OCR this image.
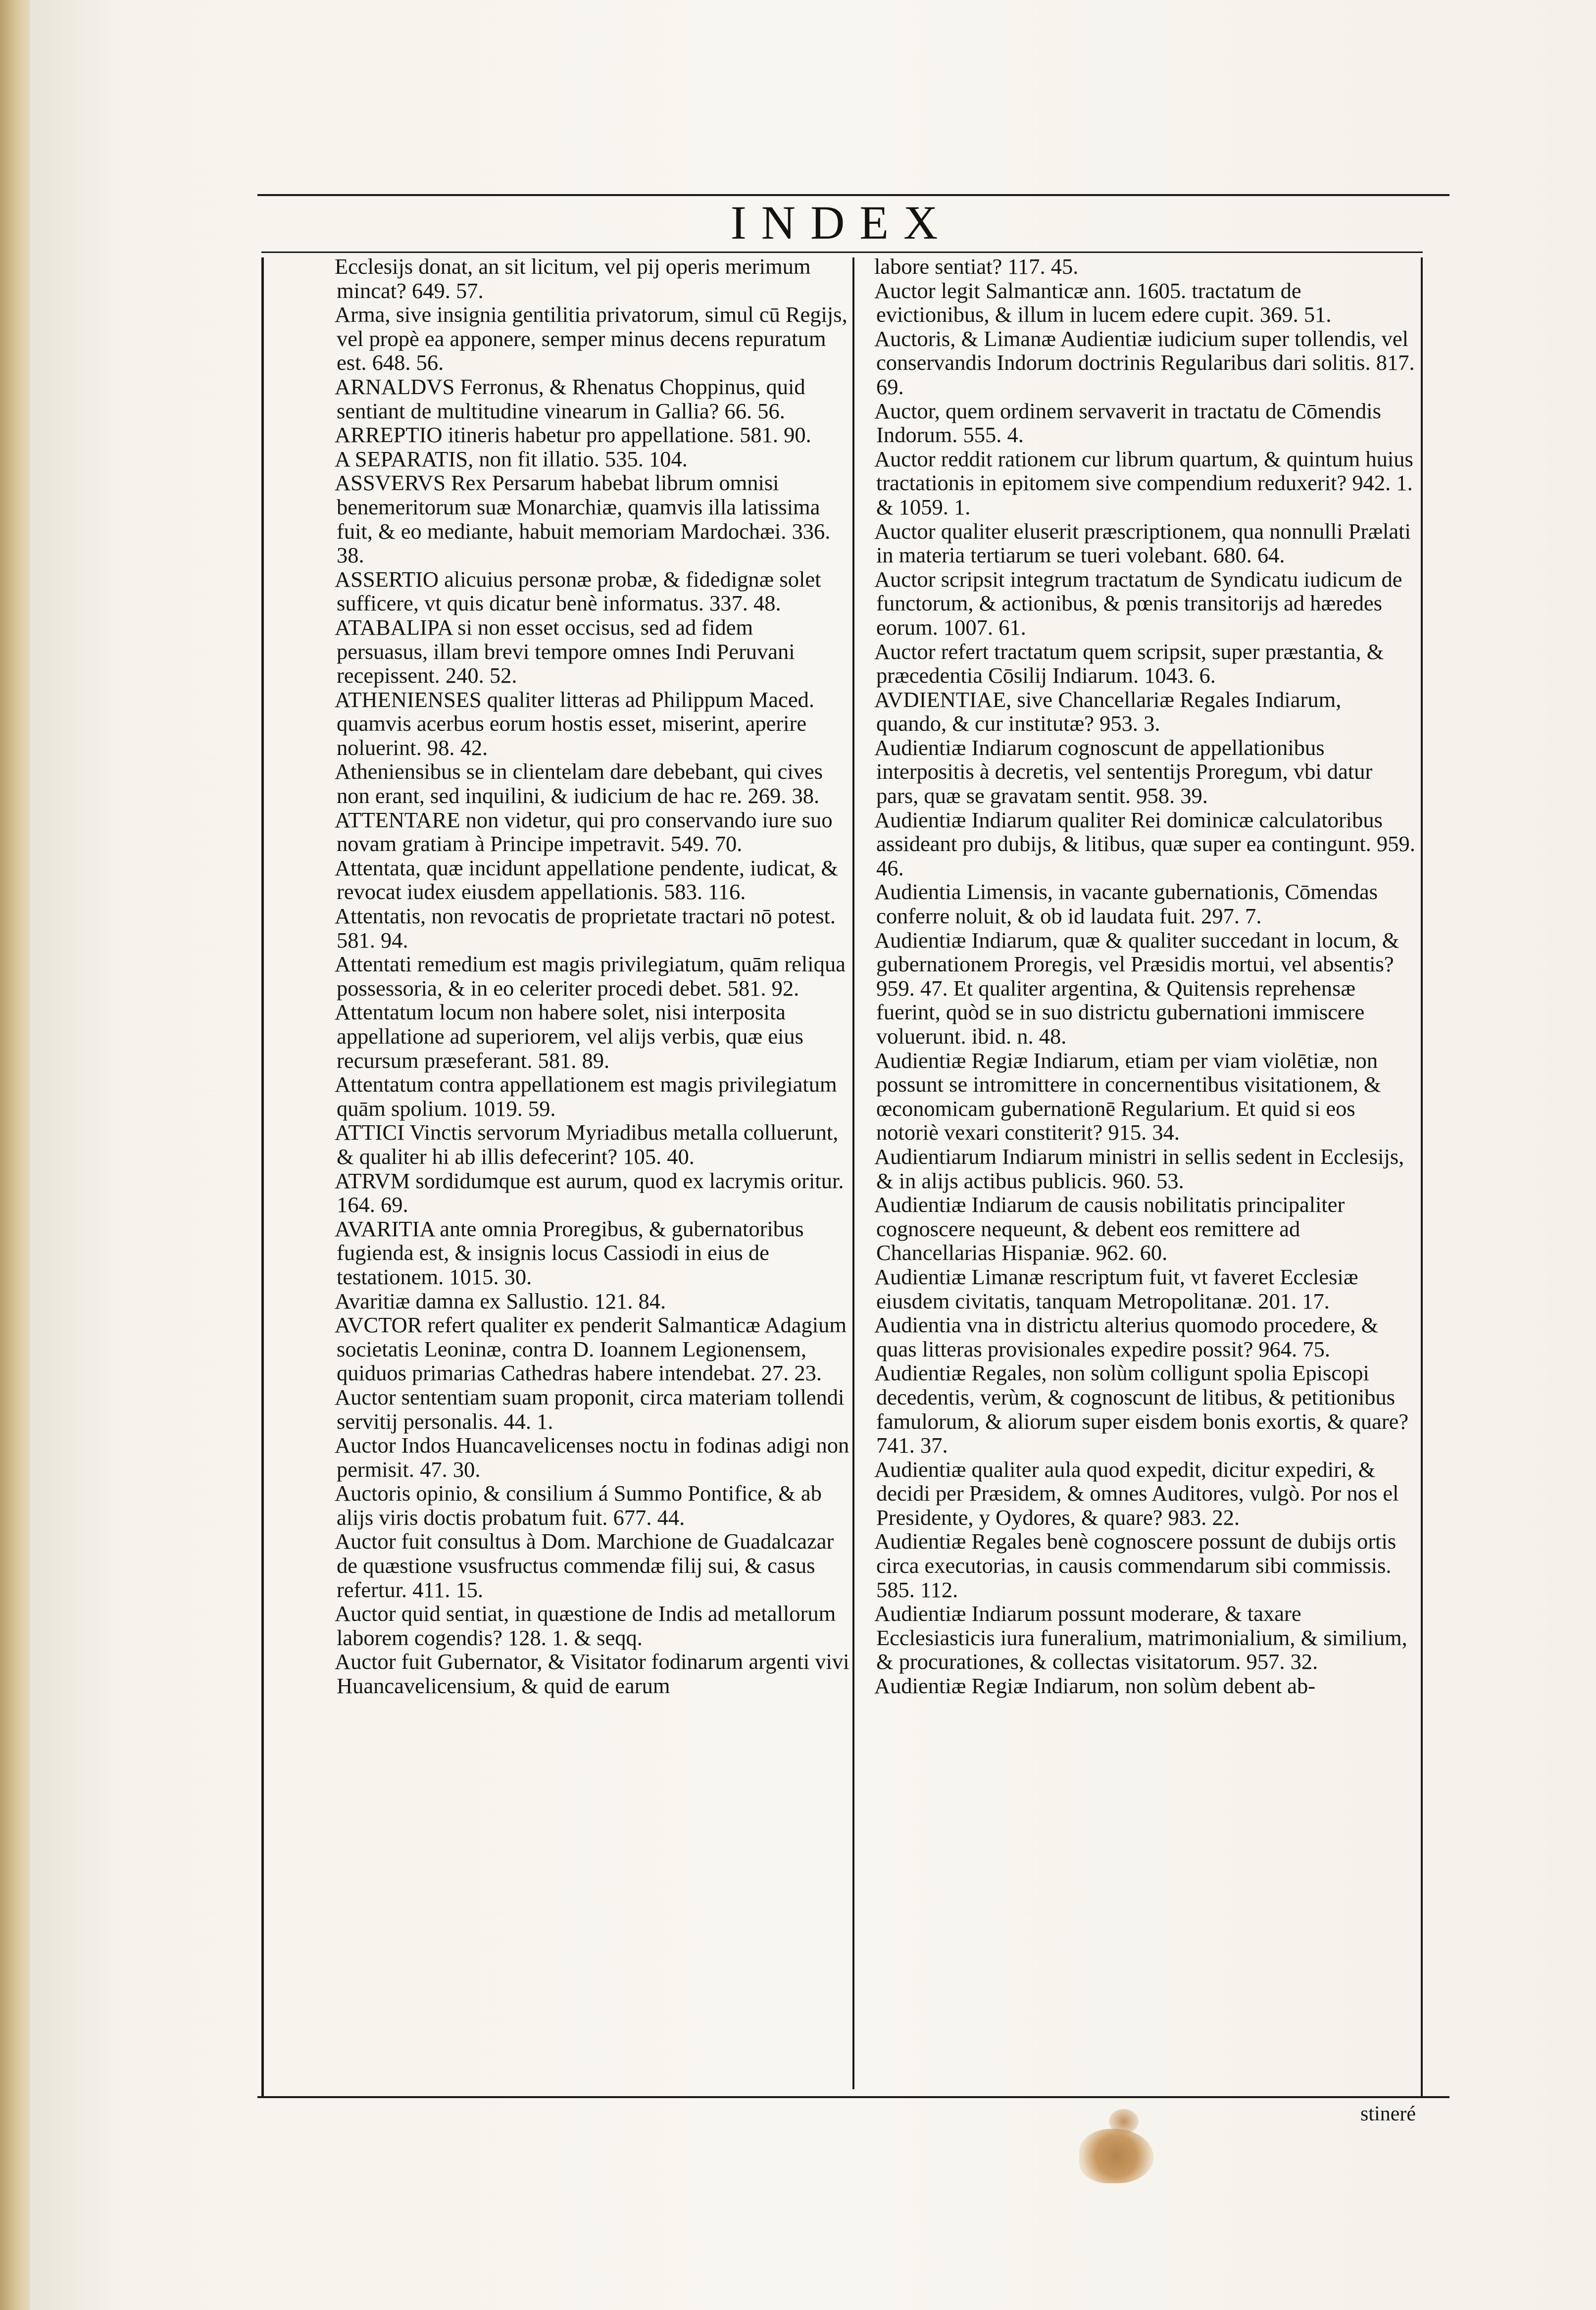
INDEX
Ecclesijs donat, an sit licitum, vel pij operis merimum mincat? 649. 57.
Arma, sive insignia gentilitia privatorum, simul cū Regijs, vel propè ea apponere, semper minus decens repuratum est. 648. 56.
ARNALDVS Ferronus, & Rhenatus Choppinus, quid sentiant de multitudine vinearum in Gallia? 66. 56.
ARREPTIO itineris habetur pro appellatione. 581. 90.
A SEPARATIS, non fit illatio. 535. 104.
ASSVERVS Rex Persarum habebat librum omnisi benemeritorum suæ Monarchiæ, quamvis illa latissima fuit, & eo mediante, habuit memoriam Mardochæi. 336. 38.
ASSERTIO alicuius personæ probæ, & fidedignæ solet sufficere, vt quis dicatur benè informatus. 337. 48.
ATABALIPA si non esset occisus, sed ad fidem persuasus, illam brevi tempore omnes Indi Peruvani recepissent. 240. 52.
ATHENIENSES qualiter litteras ad Philippum Maced. quamvis acerbus eorum hostis esset, miserint, aperire noluerint. 98. 42.
Atheniensibus se in clientelam dare debebant, qui cives non erant, sed inquilini, & iudicium de hac re. 269. 38.
ATTENTARE non videtur, qui pro conservando iure suo novam gratiam à Principe impetravit. 549. 70.
Attentata, quæ incidunt appellatione pendente, iudicat, & revocat iudex eiusdem appellationis. 583. 116.
Attentatis, non revocatis de proprietate tractari nō potest. 581. 94.
Attentati remedium est magis privilegiatum, quām reliqua possessoria, & in eo celeriter procedi debet. 581. 92.
Attentatum locum non habere solet, nisi interposita appellatione ad superiorem, vel alijs verbis, quæ eius recursum præseferant. 581. 89.
Attentatum contra appellationem est magis privilegiatum quām spolium. 1019. 59.
ATTICI Vinctis servorum Myriadibus metalla colluerunt, & qualiter hi ab illis defecerint? 105. 40.
ATRVM sordidumque est aurum, quod ex lacrymis oritur. 164. 69.
AVARITIA ante omnia Proregibus, & gubernatoribus fugienda est, & insignis locus Cassiodi in eius de testationem. 1015. 30.
Avaritiæ damna ex Sallustio. 121. 84.
AVCTOR refert qualiter ex penderit Salmanticæ Adagium societatis Leoninæ, contra D. Ioannem Legionensem, quiduos primarias Cathedras habere intendebat. 27. 23.
Auctor sententiam suam proponit, circa materiam tollendi servitij personalis. 44. 1.
Auctor Indos Huancavelicenses noctu in fodinas adigi non permisit. 47. 30.
Auctoris opinio, & consilium á Summo Pontifice, & ab alijs viris doctis probatum fuit. 677. 44.
Auctor fuit consultus à Dom. Marchione de Guadalcazar de quæstione vsusfructus commendæ filij sui, & casus refertur. 411. 15.
Auctor quid sentiat, in quæstione de Indis ad metallorum laborem cogendis? 128. 1. & seqq.
Auctor fuit Gubernator, & Visitator fodinarum argenti vivi Huancavelicensium, & quid de earum
labore sentiat? 117. 45.
Auctor legit Salmanticæ ann. 1605. tractatum de evictionibus, & illum in lucem edere cupit. 369. 51.
Auctoris, & Limanæ Audientiæ iudicium super tollendis, vel conservandis Indorum doctrinis Regularibus dari solitis. 817. 69.
Auctor, quem ordinem servaverit in tractatu de Cōmendis Indorum. 555. 4.
Auctor reddit rationem cur librum quartum, & quintum huius tractationis in epitomem sive compendium reduxerit? 942. 1. & 1059. 1.
Auctor qualiter eluserit præscriptionem, qua nonnulli Prælati in materia tertiarum se tueri volebant. 680. 64.
Auctor scripsit integrum tractatum de Syndicatu iudicum de functorum, & actionibus, & pœnis transitorijs ad hæredes eorum. 1007. 61.
Auctor refert tractatum quem scripsit, super præstantia, & præcedentia Cōsilij Indiarum. 1043. 6.
AVDIENTIAE, sive Chancellariæ Regales Indiarum, quando, & cur institutæ? 953. 3.
Audientiæ Indiarum cognoscunt de appellationibus interpositis à decretis, vel sententijs Proregum, vbi datur pars, quæ se gravatam sentit. 958. 39.
Audientiæ Indiarum qualiter Rei dominicæ calculatoribus assideant pro dubijs, & litibus, quæ super ea contingunt. 959. 46.
Audientia Limensis, in vacante gubernationis, Cōmendas conferre noluit, & ob id laudata fuit. 297. 7.
Audientiæ Indiarum, quæ & qualiter succedant in locum, & gubernationem Proregis, vel Præsidis mortui, vel absentis? 959. 47. Et qualiter argentina, & Quitensis reprehensæ fuerint, quòd se in suo districtu gubernationi immiscere voluerunt. ibid. n. 48.
Audientiæ Regiæ Indiarum, etiam per viam violētiæ, non possunt se intromittere in concernentibus visitationem, & œconomicam gubernationē Regularium. Et quid si eos notoriè vexari constiterit? 915. 34.
Audientiarum Indiarum ministri in sellis sedent in Ecclesijs, & in alijs actibus publicis. 960. 53.
Audientiæ Indiarum de causis nobilitatis principaliter cognoscere nequeunt, & debent eos remittere ad Chancellarias Hispaniæ. 962. 60.
Audientiæ Limanæ rescriptum fuit, vt faveret Ecclesiæ eiusdem civitatis, tanquam Metropolitanæ. 201. 17.
Audientia vna in districtu alterius quomodo procedere, & quas litteras provisionales expedire possit? 964. 75.
Audientiæ Regales, non solùm colligunt spolia Episcopi decedentis, verùm, & cognoscunt de litibus, & petitionibus famulorum, & aliorum super eisdem bonis exortis, & quare? 741. 37.
Audientiæ qualiter aula quod expedit, dicitur expediri, & decidi per Præsidem, & omnes Auditores, vulgò. Por nos el Presidente, y Oydores, & quare? 983. 22.
Audientiæ Regales benè cognoscere possunt de dubijs ortis circa executorias, in causis commendarum sibi commissis. 585. 112.
Audientiæ Indiarum possunt moderare, & taxare Ecclesiasticis iura funeralium, matrimonialium, & similium, & procurationes, & collectas visitatorum. 957. 32.
Audientiæ Regiæ Indiarum, non solùm debent ab-
stineré
